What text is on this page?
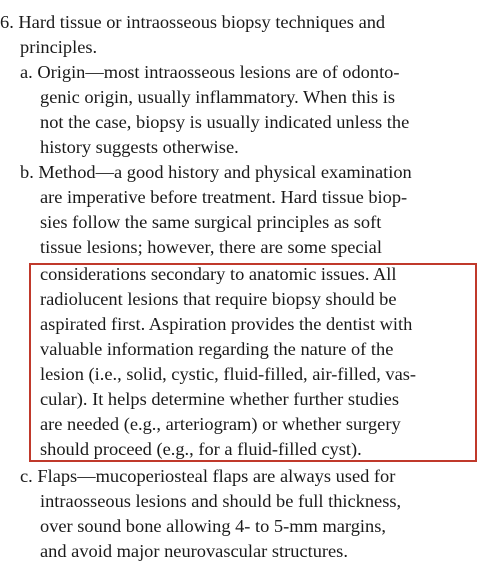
6. Hard tissue or intraosseous biopsy techniques and
principles.
a. Origin—most intraosseous lesions are of odonto-
genic origin, usually inflammatory. When this is
not the case, biopsy is usually indicated unless the
history suggests otherwise.
b. Method—a good history and physical examination
are imperative before treatment. Hard tissue biop-
sies follow the same surgical principles as soft
tissue lesions; however, there are some special
considerations secondary to anatomic issues. All
radiolucent lesions that require biopsy should be
aspirated first. Aspiration provides the dentist with
valuable information regarding the nature of the
lesion (i.e., solid, cystic, fluid-filled, air-filled, vas-
cular). It helps determine whether further studies
are needed (e.g., arteriogram) or whether surgery
should proceed (e.g., for a fluid-filled cyst).
c. Flaps—mucoperiosteal flaps are always used for
intraosseous lesions and should be full thickness,
over sound bone allowing 4- to 5-mm margins,
and avoid major neurovascular structures.
